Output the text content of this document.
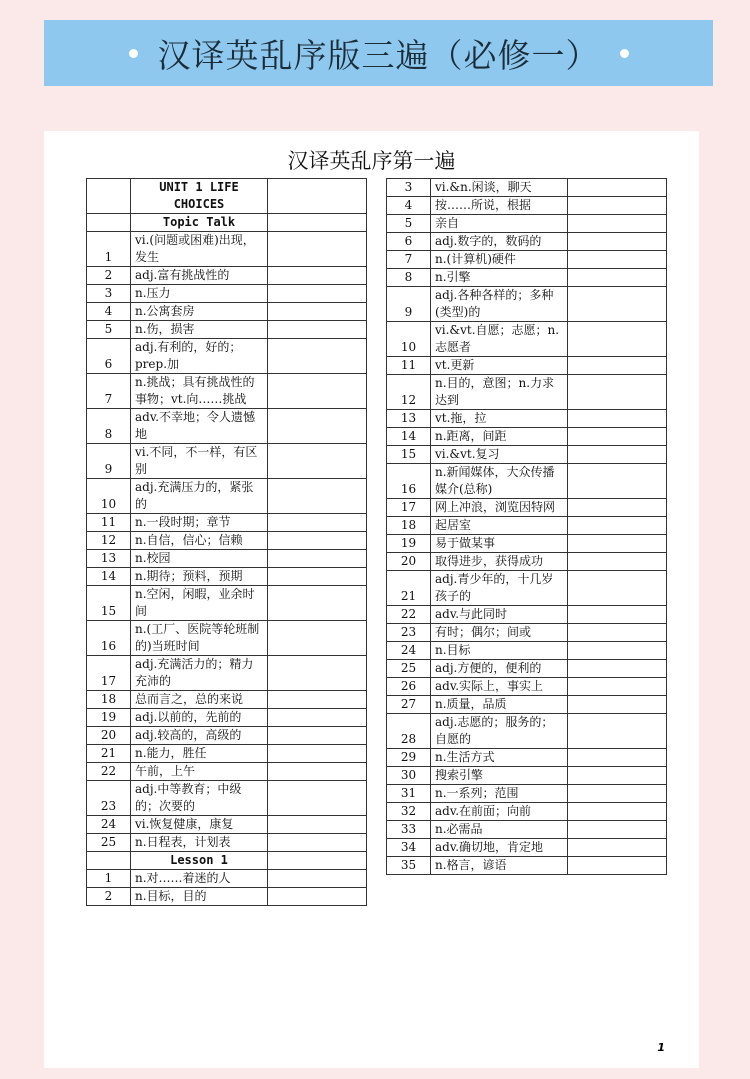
汉译英乱序版三遍（必修一）
汉译英乱序第一遍
	UNIT 1 LIFE CHOICES	
	Topic Talk	
1	vi.(问题或困难)出现，发生	
2	adj.富有挑战性的	
3	n.压力	
4	n.公寓套房	
5	n.伤，损害	
6	adj.有利的，好的；prep.加	
7	n.挑战；具有挑战性的事物；vt.向……挑战	
8	adv.不幸地；令人遗憾地	
9	vi.不同，不一样，有区别	
10	adj.充满压力的，紧张的	
11	n.一段时期；章节	
12	n.自信，信心；信赖	
13	n.校园	
14	n.期待；预料，预期	
15	n.空闲，闲暇，业余时间	
16	n.(工厂、医院等轮班制的)当班时间	
17	adj.充满活力的；精力充沛的	
18	总而言之，总的来说	
19	adj.以前的，先前的	
20	adj.较高的，高级的	
21	n.能力，胜任	
22	午前，上午	
23	adj.中等教育；中级的；次要的	
24	vi.恢复健康，康复	
25	n.日程表，计划表	
	Lesson 1	
1	n.对……着迷的人	
2	n.目标，目的	
3	vi.&n.闲谈，聊天	
4	按……所说，根据	
5	亲自	
6	adj.数字的，数码的	
7	n.(计算机)硬件	
8	n.引擎	
9	adj.各种各样的；多种(类型)的	
10	vi.&vt.自愿；志愿；n.志愿者	
11	vt.更新	
12	n.目的，意图；n.力求达到	
13	vt.拖，拉	
14	n.距离，间距	
15	vi.&vt.复习	
16	n.新闻媒体，大众传播媒介(总称)	
17	网上冲浪，浏览因特网	
18	起居室	
19	易于做某事	
20	取得进步，获得成功	
21	adj.青少年的，十几岁孩子的	
22	adv.与此同时	
23	有时；偶尔；间或	
24	n.目标	
25	adj.方便的，便利的	
26	adv.实际上，事实上	
27	n.质量，品质	
28	adj.志愿的；服务的；自愿的	
29	n.生活方式	
30	搜索引擎	
31	n.一系列；范围	
32	adv.在前面；向前	
33	n.必需品	
34	adv.确切地，肯定地	
35	n.格言，谚语	
1
